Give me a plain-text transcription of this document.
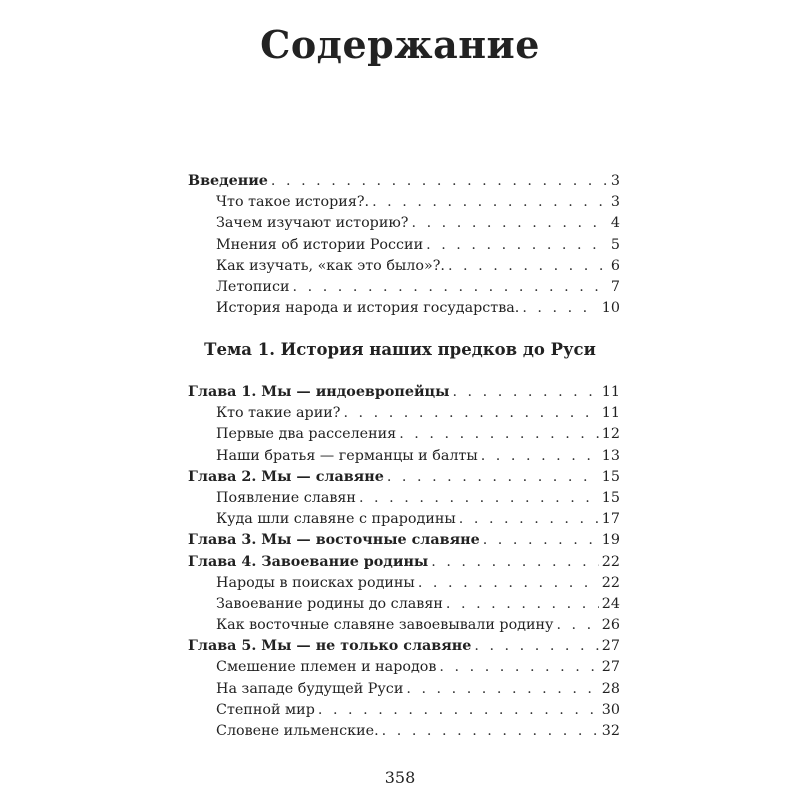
Содержание
Введение . . .	3
Что такое история?. . . .	3
Зачем изучают историю? . . .	4
Мнения об истории России . . .	5
Как изучать, «как это было»?. . . .	6
Летописи . . .	7
История народа и история государства. . . .	10
Тема 1. История наших предков до Руси
Глава 1. Мы — индоевропейцы . . .	11
Кто такие арии? . . .	11
Первые два расселения . . .	12
Наши братья — германцы и балты . . .	13
Глава 2. Мы — славяне . . .	15
Появление славян . . .	15
Куда шли славяне с прародины . . .	17
Глава 3. Мы — восточные славяне . . .	19
Глава 4. Завоевание родины . . .	22
Народы в поисках родины . . .	22
Завоевание родины до славян . . .	24
Как восточные славяне завоевывали родину . . .	26
Глава 5. Мы — не только славяне . . .	27
Смешение племен и народов . . .	27
На западе будущей Руси . . .	28
Степной мир . . .	30
Словене ильменские. . . .	32
358
